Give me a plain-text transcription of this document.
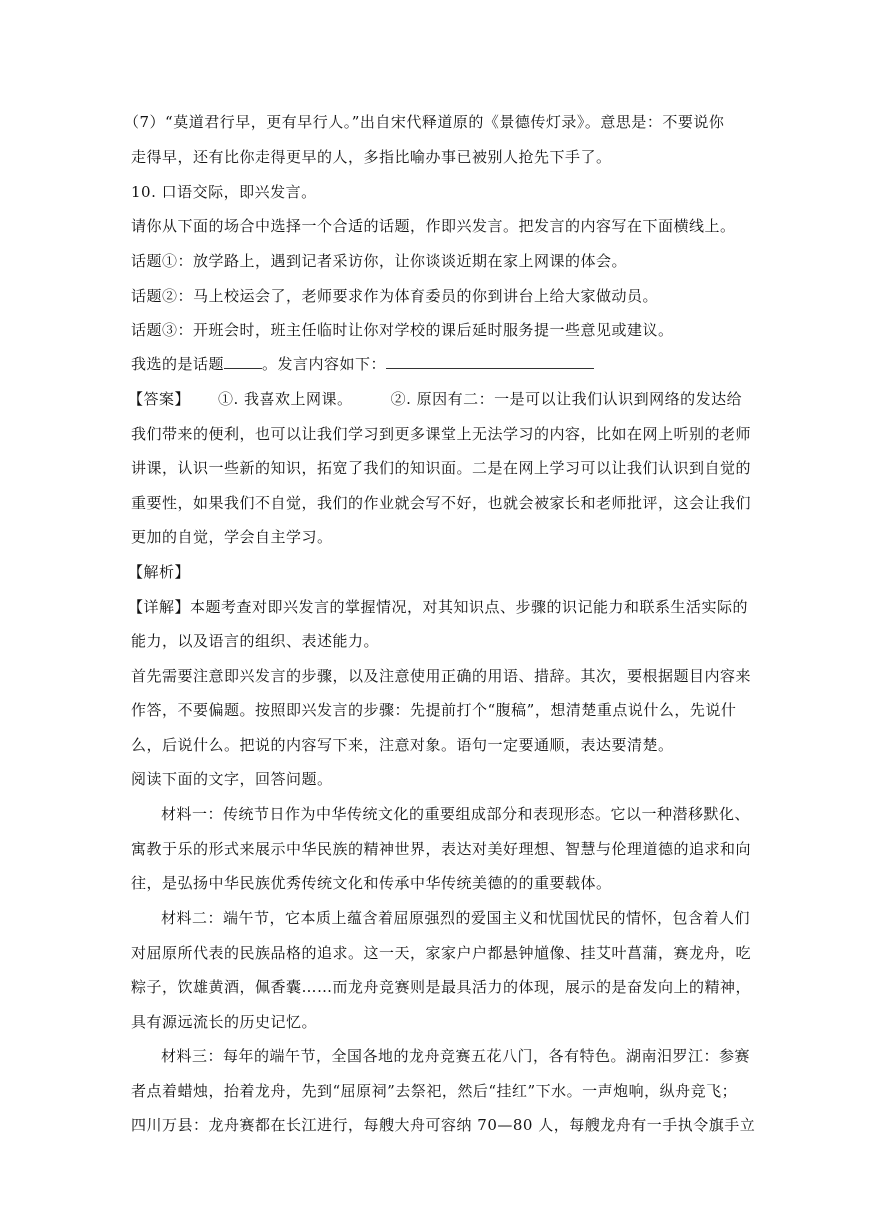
（7）“莫道君行早，更有早行人。”出自宋代释道原的《景德传灯录》。意思是：不要说你
走得早，还有比你走得更早的人，多指比喻办事已被别人抢先下手了。
10. 口语交际，即兴发言。
请你从下面的场合中选择一个合适的话题，作即兴发言。把发言的内容写在下面横线上。
话题①：放学路上，遇到记者采访你，让你谈谈近期在家上网课的体会。
话题②：马上校运会了，老师要求作为体育委员的你到讲台上给大家做动员。
话题③：开班会时，班主任临时让你对学校的课后延时服务提一些意见或建议。
我选的是话题	。发言内容如下：
【答案】 ①. 我喜欢上网课。	②. 原因有二：一是可以让我们认识到网络的发达给
我们带来的便利，也可以让我们学习到更多课堂上无法学习的内容，比如在网上听别的老师
讲课，认识一些新的知识，拓宽了我们的知识面。二是在网上学习可以让我们认识到自觉的
重要性，如果我们不自觉，我们的作业就会写不好，也就会被家长和老师批评，这会让我们
更加的自觉，学会自主学习。
【解析】
【详解】本题考查对即兴发言的掌握情况，对其知识点、步骤的识记能力和联系生活实际的
能力，以及语言的组织、表述能力。
首先需要注意即兴发言的步骤，以及注意使用正确的用语、措辞。其次，要根据题目内容来
作答，不要偏题。按照即兴发言的步骤：先提前打个“腹稿”，想清楚重点说什么，先说什
么，后说什么。把说的内容写下来，注意对象。语句一定要通顺，表达要清楚。
阅读下面的文字，回答问题。
材料一：传统节日作为中华传统文化的重要组成部分和表现形态。它以一种潜移默化、
寓教于乐的形式来展示中华民族的精神世界，表达对美好理想、智慧与伦理道德的追求和向
往，是弘扬中华民族优秀传统文化和传承中华传统美德的的重要载体。
材料二：端午节，它本质上蕴含着屈原强烈的爱国主义和忧国忧民的情怀，包含着人们
对屈原所代表的民族品格的追求。这一天，家家户户都悬钟馗像、挂艾叶菖蒲，赛龙舟，吃
粽子，饮雄黄酒，佩香囊……而龙舟竞赛则是最具活力的体现，展示的是奋发向上的精神，
具有源远流长的历史记忆。
材料三：每年的端午节，全国各地的龙舟竞赛五花八门，各有特色。湖南汨罗江：参赛
者点着蜡烛，抬着龙舟，先到“屈原祠”去祭祀，然后“挂红”下水。一声炮响，纵舟竞飞；
四川万县：龙舟赛都在长江进行，每艘大舟可容纳 70—80 人，每艘龙舟有一手执令旗手立
